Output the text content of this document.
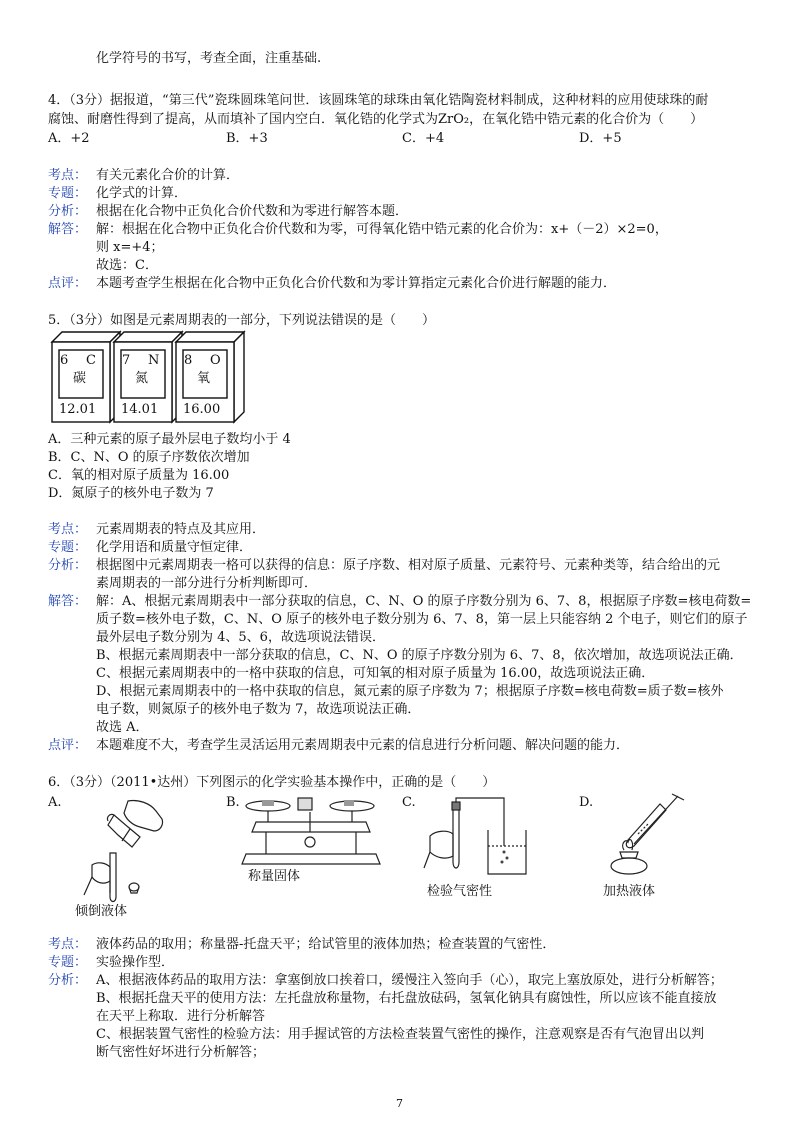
化学符号的书写，考查全面，注重基础.
4．（3分）据报道，“第三代”瓷珠圆珠笔问世．该圆珠笔的球珠由氧化锆陶瓷材料制成，这种材料的应用使球珠的耐
腐蚀、耐磨性得到了提高，从而填补了国内空白．氧化锆的化学式为ZrO₂，在氧化锆中锆元素的化合价为（　　）
A．+2	B．+3	C．+4	D．+5
考点： 有关元素化合价的计算．
专题： 化学式的计算．
分析： 根据在化合物中正负化合价代数和为零进行解答本题．
解答： 解：根据在化合物中正负化合价代数和为零，可得氧化锆中锆元素的化合价为：x+（－2）×2=0，
则 x=+4；
故选：C．
点评： 本题考查学生根据在化合物中正负化合价代数和为零计算指定元素化合价进行解题的能力．
5．（3分）如图是元素周期表的一部分，下列说法错误的是（　　）
6 C
碳
12.01
7 N
氮
14.01
8 O
氧
16.00
A．三种元素的原子最外层电子数均小于 4
B．C、N、O 的原子序数依次增加
C．氧的相对原子质量为 16.00
D．氮原子的核外电子数为 7
考点： 元素周期表的特点及其应用．
专题： 化学用语和质量守恒定律．
分析： 根据图中元素周期表一格可以获得的信息：原子序数、相对原子质量、元素符号、元素种类等，结合给出的元
素周期表的一部分进行分析判断即可．
解答： 解：A、根据元素周期表中一部分获取的信息，C、N、O 的原子序数分别为 6、7、8，根据原子序数=核电荷数=
质子数=核外电子数，C、N、O 原子的核外电子数分别为 6、7、8，第一层上只能容纳 2 个电子，则它们的原子
最外层电子数分别为 4、5、6，故选项说法错误．
B、根据元素周期表中一部分获取的信息，C、N、O 的原子序数分别为 6、7、8，依次增加，故选项说法正确．
C、根据元素周期表中的一格中获取的信息，可知氧的相对原子质量为 16.00，故选项说法正确．
D、根据元素周期表中的一格中获取的信息，氮元素的原子序数为 7；根据原子序数=核电荷数=质子数=核外
电子数，则氮原子的核外电子数为 7，故选项说法正确．
故选 A．
点评： 本题难度不大，考查学生灵活运用元素周期表中元素的信息进行分析问题、解决问题的能力．
6．（3分）（2011•达州）下列图示的化学实验基本操作中，正确的是（　　）
A.	B.	C.	D.
倾倒液体
称量固体
检验气密性	加热液体
考点： 液体药品的取用；称量器-托盘天平；给试管里的液体加热；检查装置的气密性．
专题： 实验操作型．
分析： A、根据液体药品的取用方法：拿塞倒放口挨着口，缓慢注入签向手（心），取完上塞放原处，进行分析解答；
B、根据托盘天平的使用方法：左托盘放称量物，右托盘放砝码，氢氧化钠具有腐蚀性，所以应该不能直接放
在天平上称取．进行分析解答
C、根据装置气密性的检验方法：用手握试管的方法检查装置气密性的操作，注意观察是否有气泡冒出以判
断气密性好坏进行分析解答；
7
